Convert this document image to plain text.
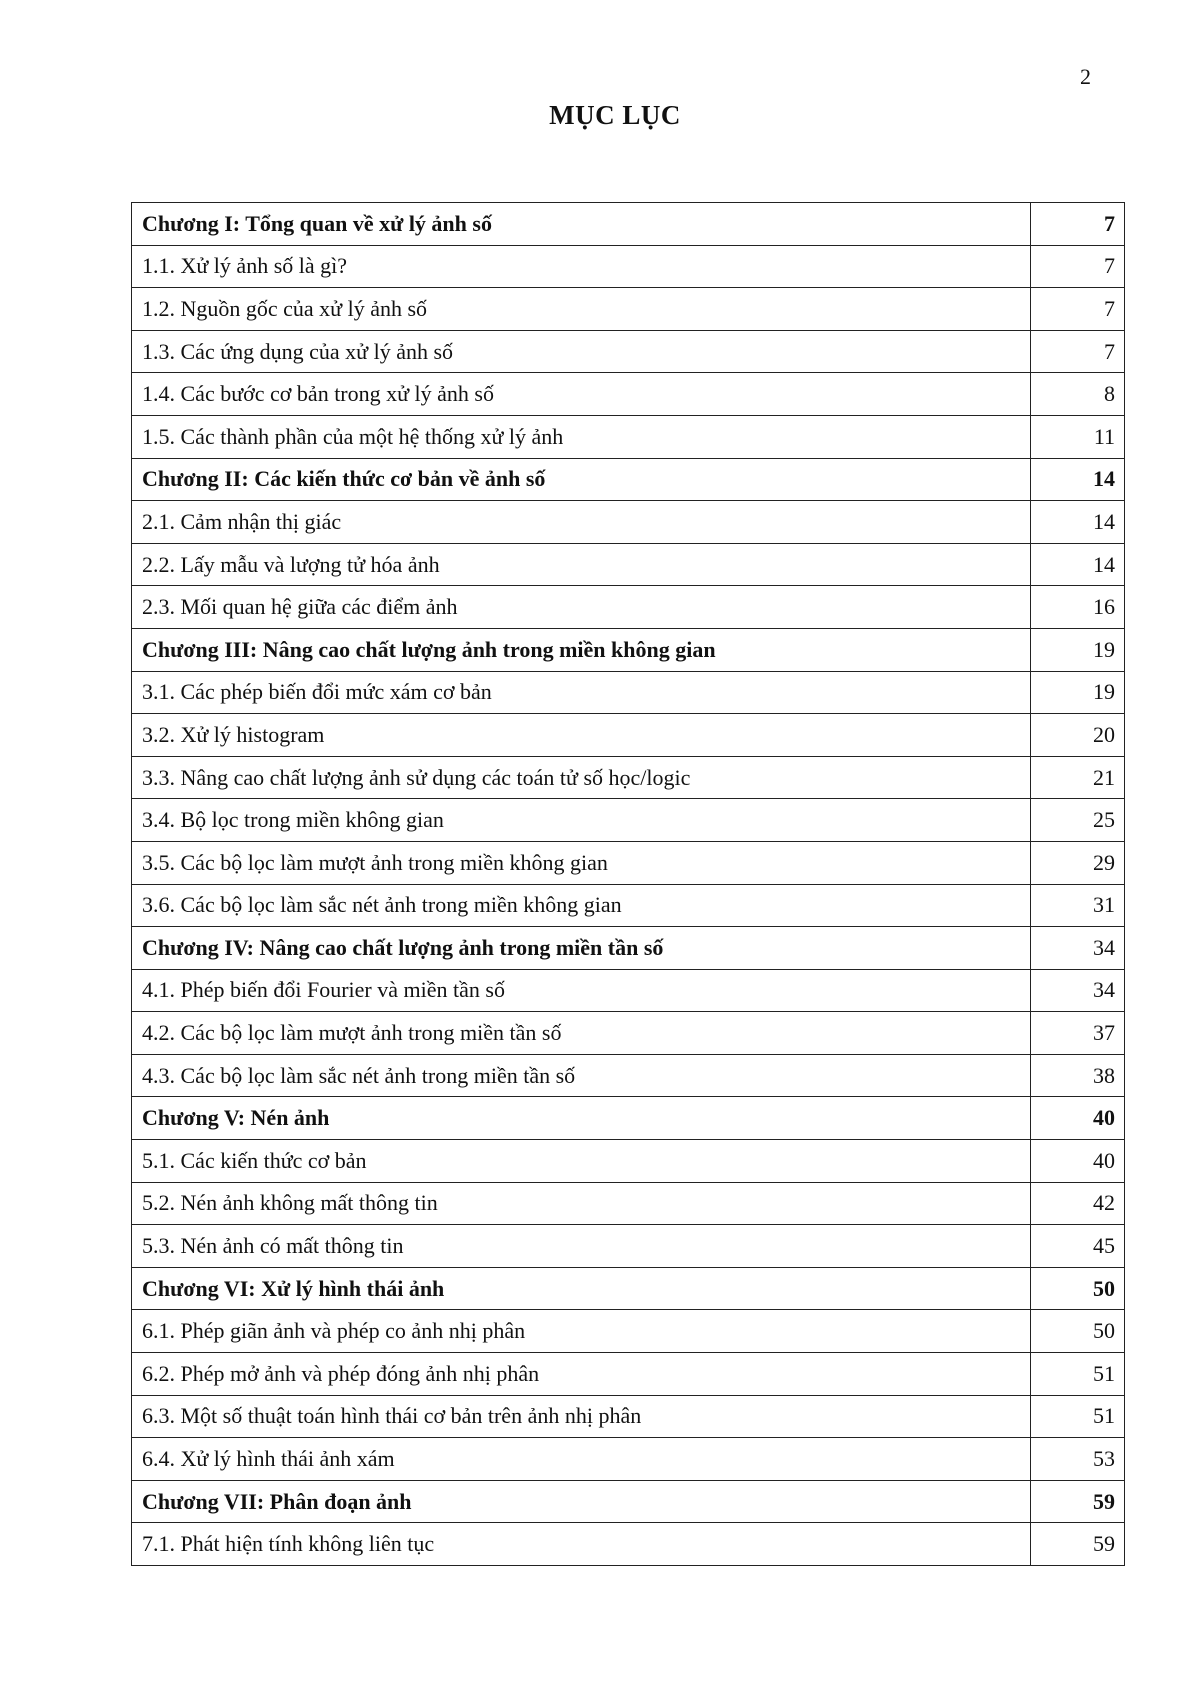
2
MỤC LỤC
Chương I: Tổng quan về xử lý ảnh số	7
1.1. Xử lý ảnh số là gì?	7
1.2. Nguồn gốc của xử lý ảnh số	7
1.3. Các ứng dụng của xử lý ảnh số	7
1.4. Các bước cơ bản trong xử lý ảnh số	8
1.5. Các thành phần của một hệ thống xử lý ảnh	11
Chương II: Các kiến thức cơ bản về ảnh số	14
2.1. Cảm nhận thị giác	14
2.2. Lấy mẫu và lượng tử hóa ảnh	14
2.3. Mối quan hệ giữa các điểm ảnh	16
Chương III: Nâng cao chất lượng ảnh trong miền không gian	19
3.1. Các phép biến đổi mức xám cơ bản	19
3.2. Xử lý histogram	20
3.3. Nâng cao chất lượng ảnh sử dụng các toán tử số học/logic	21
3.4. Bộ lọc trong miền không gian	25
3.5. Các bộ lọc làm mượt ảnh trong miền không gian	29
3.6. Các bộ lọc làm sắc nét ảnh trong miền không gian	31
Chương IV: Nâng cao chất lượng ảnh trong miền tần số	34
4.1. Phép biến đổi Fourier và miền tần số	34
4.2. Các bộ lọc làm mượt ảnh trong miền tần số	37
4.3. Các bộ lọc làm sắc nét ảnh trong miền tần số	38
Chương V: Nén ảnh	40
5.1. Các kiến thức cơ bản	40
5.2. Nén ảnh không mất thông tin	42
5.3. Nén ảnh có mất thông tin	45
Chương VI: Xử lý hình thái ảnh	50
6.1. Phép giãn ảnh và phép co ảnh nhị phân	50
6.2. Phép mở ảnh và phép đóng ảnh nhị phân	51
6.3. Một số thuật toán hình thái cơ bản trên ảnh nhị phân	51
6.4. Xử lý hình thái ảnh xám	53
Chương VII: Phân đoạn ảnh	59
7.1. Phát hiện tính không liên tục	59
